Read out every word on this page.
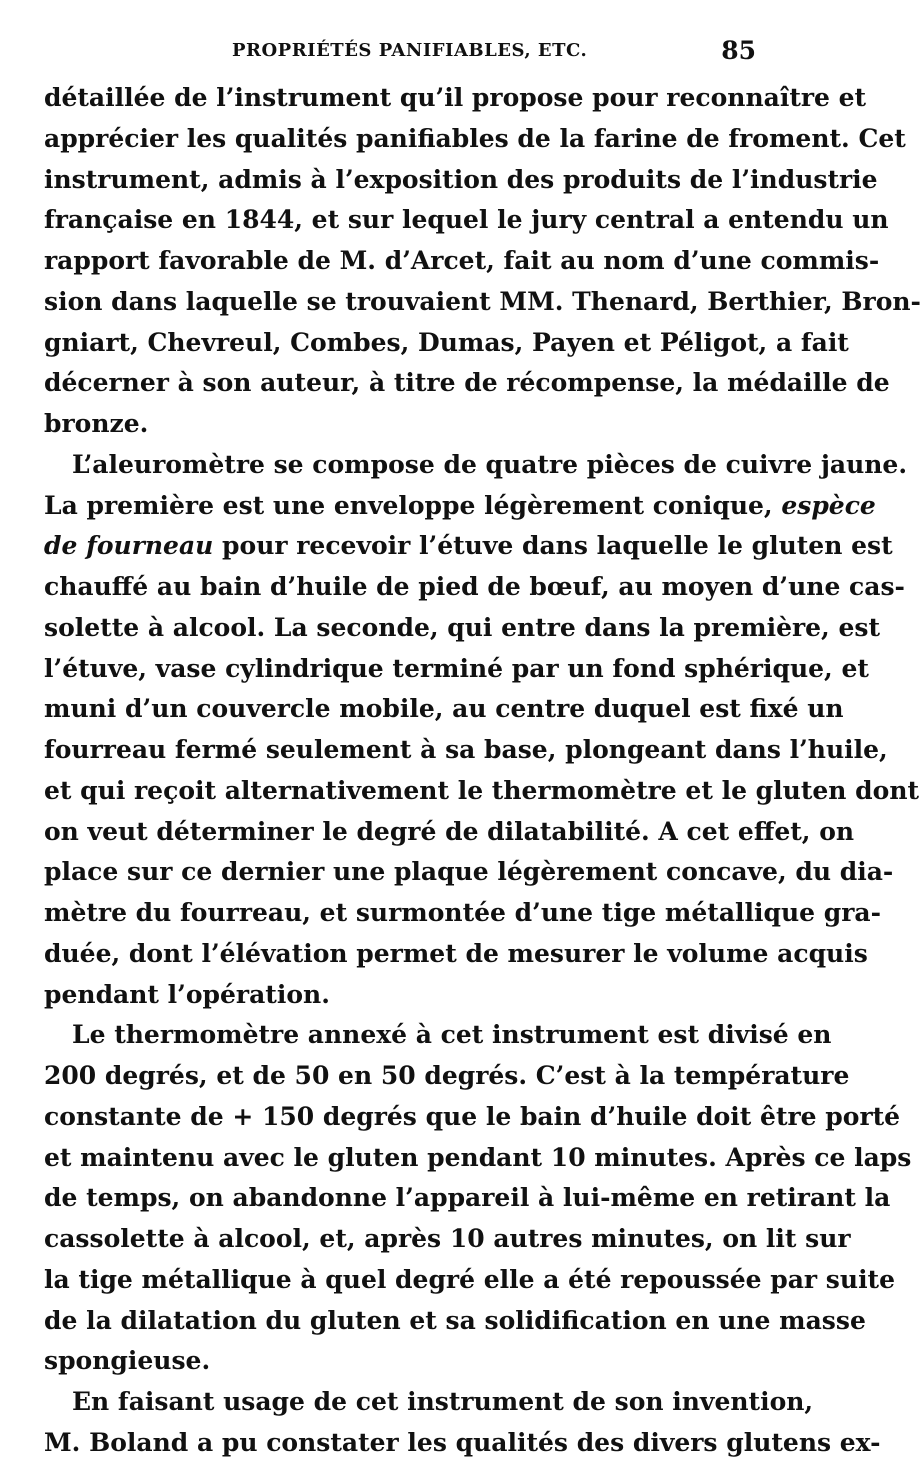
PROPRIÉTÉS PANIFIABLES, ETC.	85
détaillée de l’instrument qu’il propose pour reconnaître et
apprécier les qualités panifiables de la farine de froment. Cet
instrument, admis à l’exposition des produits de l’industrie
française en 1844, et sur lequel le jury central a entendu un
rapport favorable de M. d’Arcet, fait au nom d’une commis-
sion dans laquelle se trouvaient MM. Thenard, Berthier, Bron-
gniart, Chevreul, Combes, Dumas, Payen et Péligot, a fait
décerner à son auteur, à titre de récompense, la médaille de
bronze.
L’aleuromètre se compose de quatre pièces de cuivre jaune.
La première est une enveloppe légèrement conique, espèce
de fourneau pour recevoir l’étuve dans laquelle le gluten est
chauffé au bain d’huile de pied de bœuf, au moyen d’une cas-
solette à alcool. La seconde, qui entre dans la première, est
l’étuve, vase cylindrique terminé par un fond sphérique, et
muni d’un couvercle mobile, au centre duquel est fixé un
fourreau fermé seulement à sa base, plongeant dans l’huile,
et qui reçoit alternativement le thermomètre et le gluten dont
on veut déterminer le degré de dilatabilité. A cet effet, on
place sur ce dernier une plaque légèrement concave, du dia-
mètre du fourreau, et surmontée d’une tige métallique gra-
duée, dont l’élévation permet de mesurer le volume acquis
pendant l’opération.
Le thermomètre annexé à cet instrument est divisé en
200 degrés, et de 50 en 50 degrés. C’est à la température
constante de + 150 degrés que le bain d’huile doit être porté
et maintenu avec le gluten pendant 10 minutes. Après ce laps
de temps, on abandonne l’appareil à lui-même en retirant la
cassolette à alcool, et, après 10 autres minutes, on lit sur
la tige métallique à quel degré elle a été repoussée par suite
de la dilatation du gluten et sa solidification en une masse
spongieuse.
En faisant usage de cet instrument de son invention,
M. Boland a pu constater les qualités des divers glutens ex-
